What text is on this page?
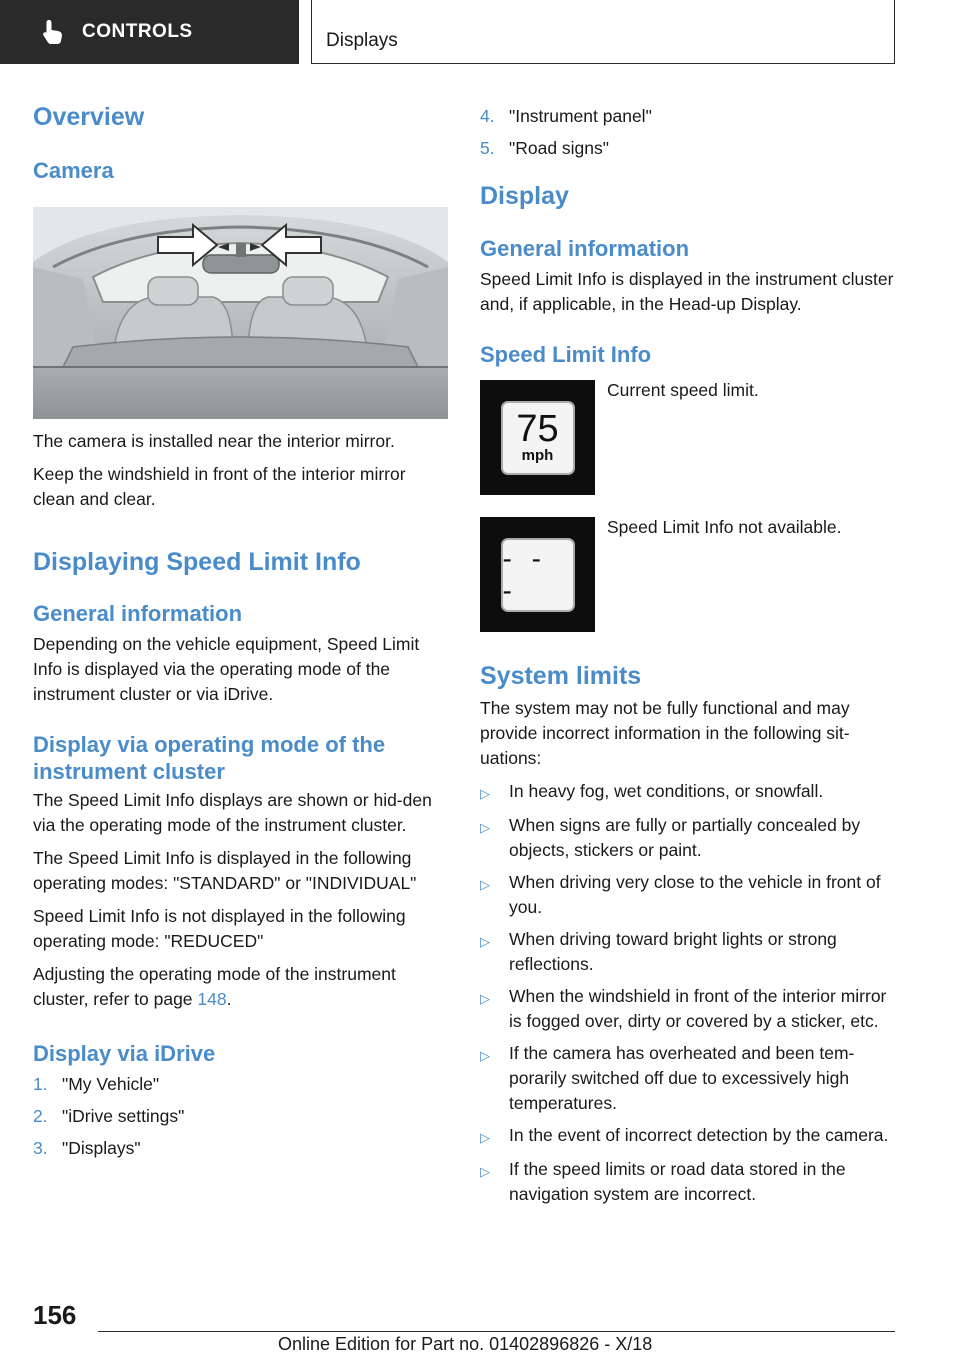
CONTROLS	Displays
Overview
Camera

The camera is installed near the interior mirror.

Keep the windshield in front of the interior mirror clean and clear.

Displaying Speed Limit Info
General information

Depending on the vehicle equipment, Speed Limit Info is displayed via the operating mode of the instrument cluster or via iDrive.

Display via operating mode of the instrument cluster

The Speed Limit Info displays are shown or hid-den via the operating mode of the instrument cluster.

The Speed Limit Info is displayed in the following operating modes: "STANDARD" or "INDIVIDUAL"

Speed Limit Info is not displayed in the following operating mode: "REDUCED"

Adjusting the operating mode of the instrument cluster, refer to page 148.

Display via iDrive
1. "My Vehicle"
2. "iDrive settings"
3. "Displays"
4. "Instrument panel"
5. "Road signs"
Display
General information

Speed Limit Info is displayed in the instrument cluster and, if applicable, in the Head-up Display.

Speed Limit Info
75
mph
Current speed limit.
- - -
Speed Limit Info not available.
System limits

The system may not be fully functional and may provide incorrect information in the following sit-uations:

▷	In heavy fog, wet conditions, or snowfall.
▷	When signs are fully or partially concealed by objects, stickers or paint.
▷	When driving very close to the vehicle in front of you.
▷	When driving toward bright lights or strong reflections.
▷	When the windshield in front of the interior mirror is fogged over, dirty or covered by a sticker, etc.
▷	If the camera has overheated and been tem-porarily switched off due to excessively high temperatures.
▷	In the event of incorrect detection by the camera.
▷	If the speed limits or road data stored in the navigation system are incorrect.
156
Online Edition for Part no. 01402896826 - X/18
